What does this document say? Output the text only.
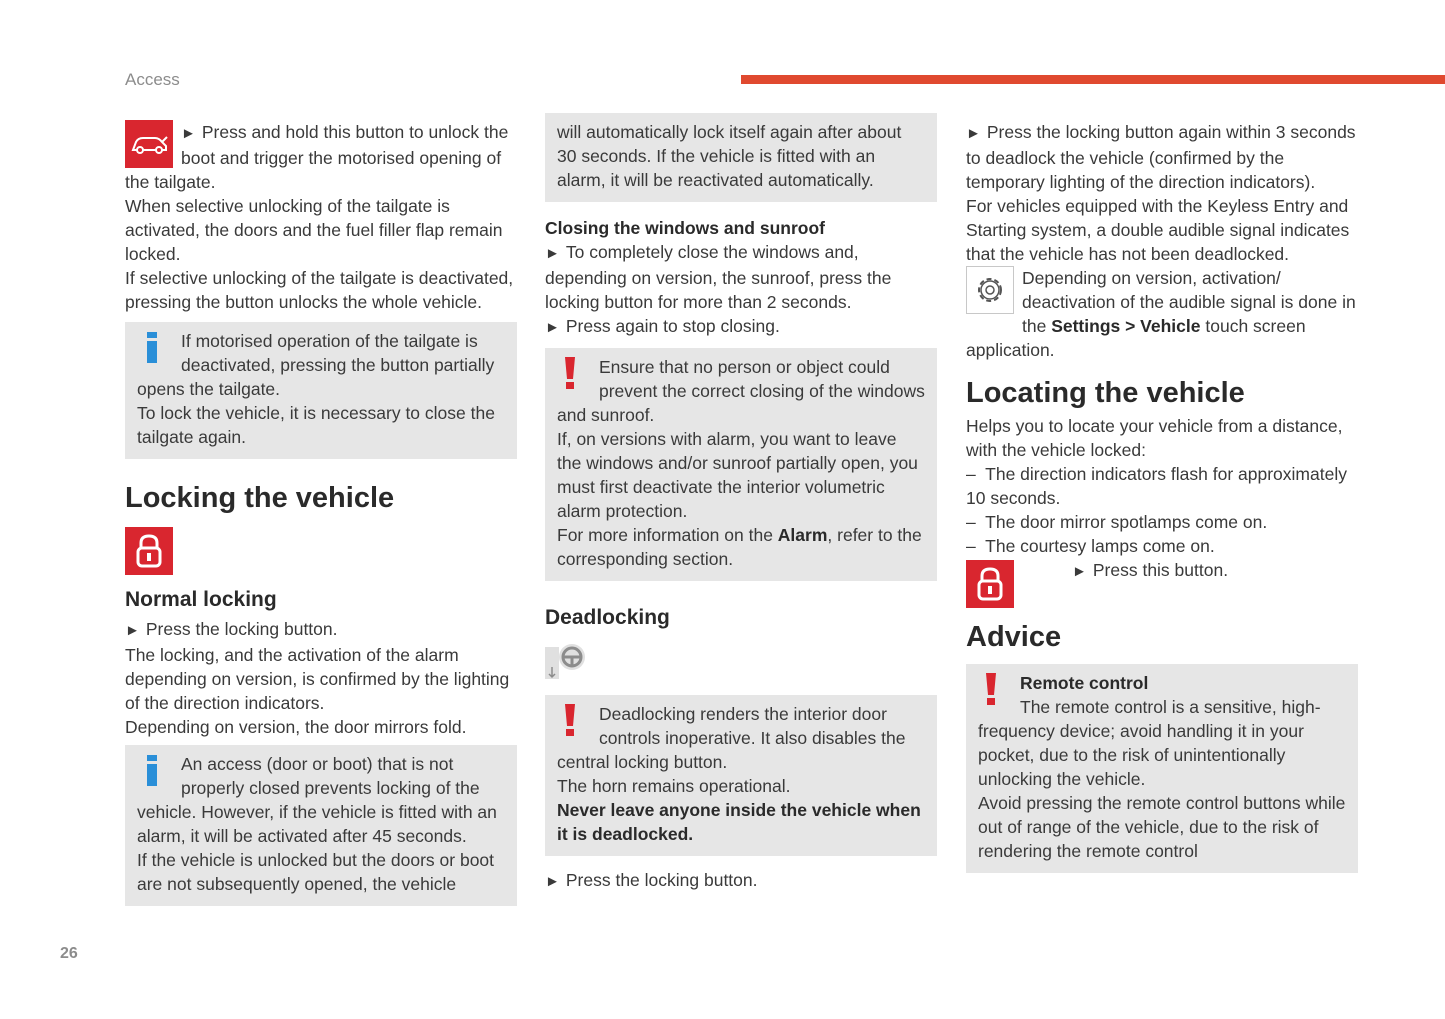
Access

► Press and hold this button to unlock the boot and trigger the motorised opening of the tailgate.

When selective unlocking of the tailgate is activated, the doors and the fuel filler flap remain locked.

If selective unlocking of the tailgate is deactivated, pressing the button unlocks the whole vehicle.

If motorised operation of the tailgate is deactivated, pressing the button partially opens the tailgate.

To lock the vehicle, it is necessary to close the tailgate again.

Locking the vehicle
Normal locking

► Press the locking button.

The locking, and the activation of the alarm depending on version, is confirmed by the lighting of the direction indicators.

Depending on version, the door mirrors fold.

An access (door or boot) that is not properly closed prevents locking of the vehicle. However, if the vehicle is fitted with an alarm, it will be activated after 45 seconds.

If the vehicle is unlocked but the doors or boot are not subsequently opened, the vehicle

will automatically lock itself again after about 30 seconds. If the vehicle is fitted with an alarm, it will be reactivated automatically.

Closing the windows and sunroof

► To completely close the windows and, depending on version, the sunroof, press the locking button for more than 2 seconds.

► Press again to stop closing.

Ensure that no person or object could prevent the correct closing of the windows and sunroof.

If, on versions with alarm, you want to leave the windows and/or sunroof partially open, you must first deactivate the interior volumetric alarm protection.

For more information on the Alarm, refer to the corresponding section.

Deadlocking

Deadlocking renders the interior door controls inoperative. It also disables the central locking button.

The horn remains operational.

Never leave anyone inside the vehicle when it is deadlocked.

► Press the locking button.

► Press the locking button again within 3 seconds to deadlock the vehicle (confirmed by the temporary lighting of the direction indicators).

For vehicles equipped with the Keyless Entry and Starting system, a double audible signal indicates that the vehicle has not been deadlocked.

Depending on version, activation/ deactivation of the audible signal is done in the Settings > Vehicle touch screen application.

Locating the vehicle

Helps you to locate your vehicle from a distance, with the vehicle locked:

–  The direction indicators flash for approximately 10 seconds.

–  The door mirror spotlamps come on.

–  The courtesy lamps come on.

► Press this button.

Advice

Remote control

The remote control is a sensitive, high-frequency device; avoid handling it in your pocket, due to the risk of unintentionally unlocking the vehicle.

Avoid pressing the remote control buttons while out of range of the vehicle, due to the risk of rendering the remote control

26
